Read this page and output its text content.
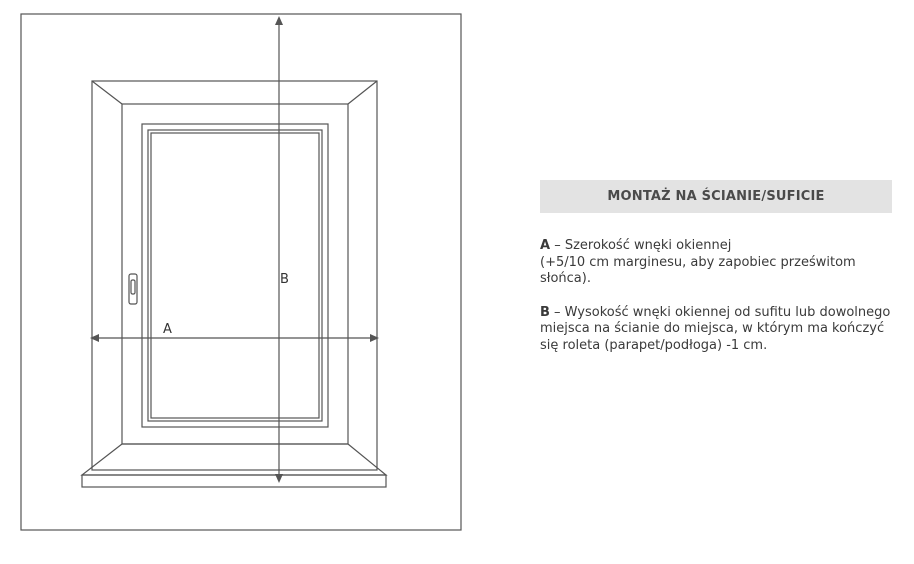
A
B
MONTAŻ NA ŚCIANIE/SUFICIE
A – Szerokość wnęki okiennej
(+5/10 cm marginesu, aby zapobiec prześwitom słońca).
B – Wysokość wnęki okiennej od sufitu lub dowolnego miejsca na ścianie do miejsca, w którym ma kończyć się roleta (parapet/podłoga) -1 cm.
